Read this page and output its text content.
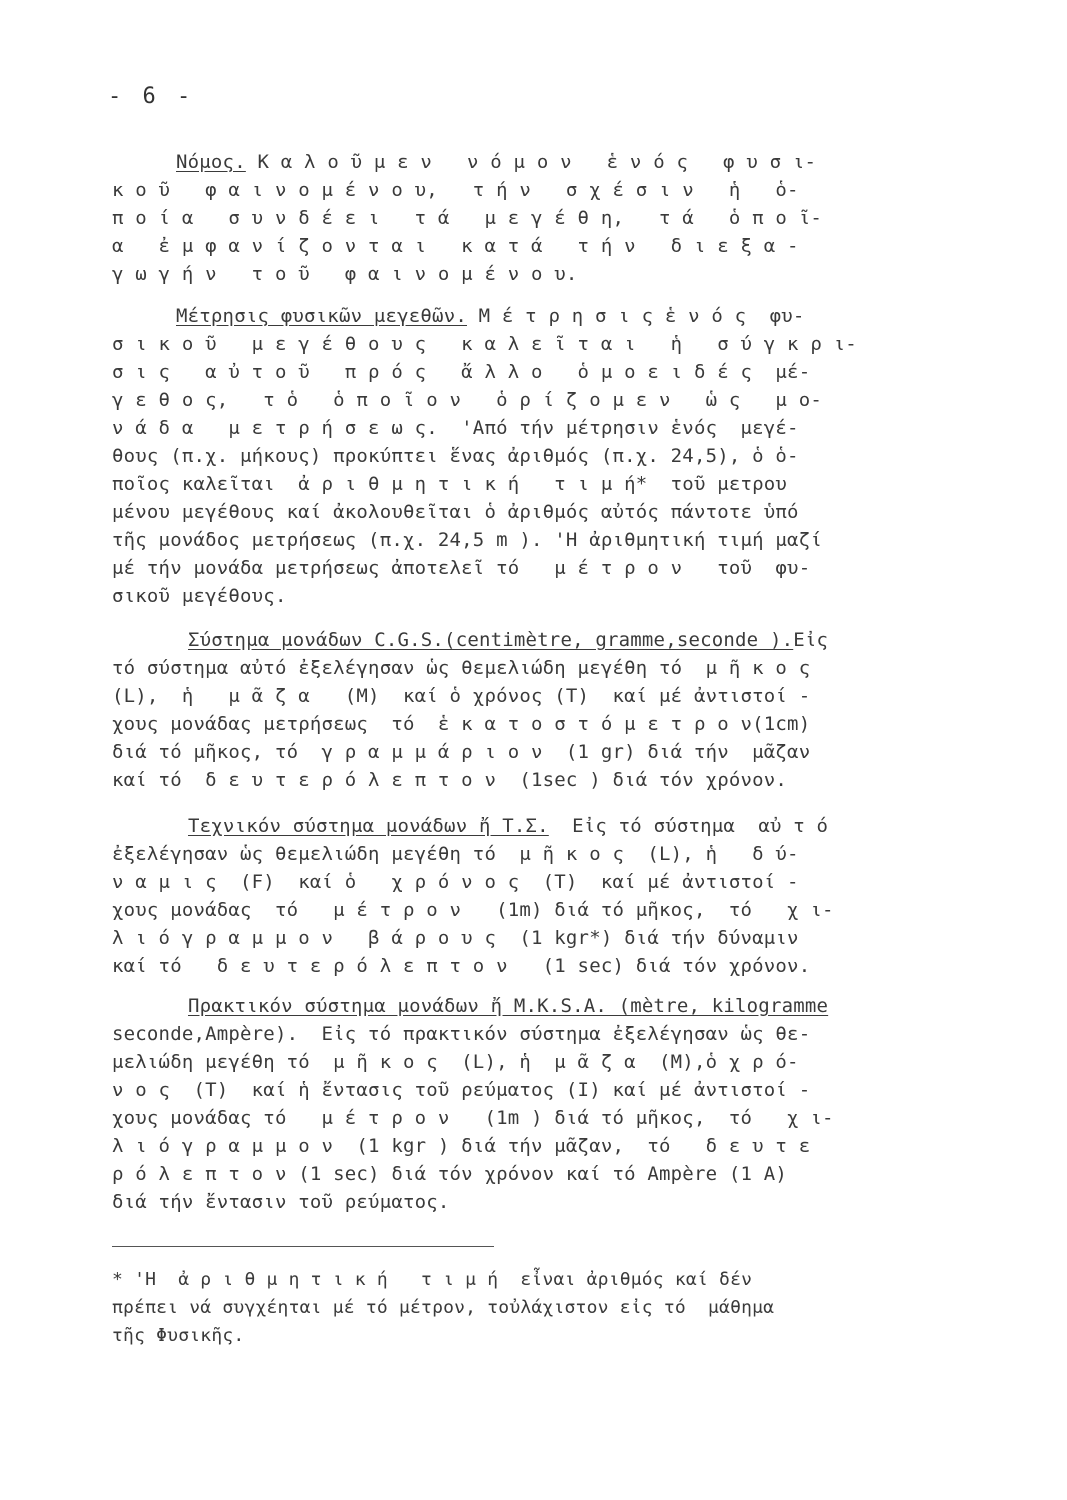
- 6 -
Νόμος. Κ α λ ο ῦ μ ε ν   ν ό μ ο ν   ἑ ν ό ς   φ υ σ ι-
κ ο ῦ   φ α ι ν ο μ έ ν ο υ,   τ ή ν   σ χ έ σ ι ν   ἡ   ὁ-
π ο ί α   σ υ ν δ έ ε ι   τ ά   μ ε γ έ θ η,   τ ά   ὁ π ο ῖ-
α   ἐ μ φ α ν ί ζ ο ν τ α ι   κ α τ ά   τ ή ν   δ ι ε ξ α -
γ ω γ ή ν   τ ο ῦ   φ α ι ν ο μ έ ν ο υ.
Μέτρησις φυσικῶν μεγεθῶν. Μ έ τ ρ η σ ι ς ἑ ν ό ς  φυ-
σ ι κ ο ῦ   μ ε γ έ θ ο υ ς   κ α λ ε ῖ τ α ι   ἡ   σ ύ γ κ ρ ι-
σ ι ς   α ὐ τ ο ῦ   π ρ ό ς   ἄ λ λ ο   ὁ μ ο ε ι δ έ ς  μέ-
γ ε θ ο ς,   τ ὁ   ὁ π ο ῖ ο ν   ὁ ρ ί ζ ο μ ε ν   ὡ ς   μ ο-
ν ά δ α   μ ε τ ρ ή σ ε ω ς.  'Από τήν μέτρησιν ἑνός  μεγέ-
θους (π.χ. μήκους) προκύπτει ἕνας ἀριθμός (π.χ. 24,5), ὁ ὁ-
ποῖος καλεῖται  ἀ ρ ι θ μ η τ ι κ ή   τ ι μ ή*  τοῦ μετρου
μένου μεγέθους καί ἀκολουθεῖται ὁ ἀριθμός αὐτός πάντοτε ὑπό
τῆς μονάδος μετρήσεως (π.χ. 24,5 m ). 'Η ἀριθμητική τιμή μαζί
μέ τήν μονάδα μετρήσεως ἀποτελεῖ τό   μ έ τ ρ ο ν   τοῦ  φυ-
σικοῦ μεγέθους.
Σύστημα μονάδων C.G.S.(centimètre, gramme,seconde ).Εἰς
τό σύστημα αὐτό ἐξελέγησαν ὡς θεμελιώδη μεγέθη τό  μ ῆ κ ο ς
(L),  ἡ   μ ᾶ ζ α   (M)  καί ὁ χρόνος (T)  καί μέ ἀντιστοί -
χους μονάδας μετρήσεως  τό  ἑ κ α τ ο σ τ ό μ ε τ ρ ο ν(1cm)
διά τό μῆκος, τό  γ ρ α μ μ ά ρ ι ο ν  (1 gr) διά τήν  μᾶζαν
καί τό  δ ε υ τ ε ρ ό λ ε π τ ο ν  (1sec ) διά τόν χρόνον.
Τεχνικόν σύστημα μονάδων ἤ Τ.Σ.  Εἰς τό σύστημα  αὐ τ ό
ἐξελέγησαν ὡς θεμελιώδη μεγέθη τό  μ ῆ κ ο ς  (L), ἡ   δ ύ-
ν α μ ι ς  (F)  καί ὁ   χ ρ ό ν ο ς  (T)  καί μέ ἀντιστοί -
χους μονάδας  τό   μ έ τ ρ ο ν   (1m) διά τό μῆκος,  τό   χ ι-
λ ι ό γ ρ α μ μ ο ν   β ά ρ ο υ ς  (1 kgr*) διά τήν δύναμιν
καί τό   δ ε υ τ ε ρ ό λ ε π τ ο ν   (1 sec) διά τόν χρόνον.
Πρακτικόν σύστημα μονάδων ἤ M.K.S.A. (mètre, kilogramme
seconde,Ampère).  Εἰς τό πρακτικόν σύστημα ἐξελέγησαν ὡς θε-
μελιώδη μεγέθη τό  μ ῆ κ ο ς  (L), ἡ  μ ᾶ ζ α  (M),ὁ χ ρ ό-
ν ο ς  (T)  καί ἡ ἔντασις τοῦ ρεύματος (I) καί μέ ἀντιστοί -
χους μονάδας τό   μ έ τ ρ ο ν   (1m ) διά τό μῆκος,  τό   χ ι-
λ ι ό γ ρ α μ μ ο ν  (1 kgr ) διά τήν μᾶζαν,  τό   δ ε υ τ ε
ρ ό λ ε π τ ο ν (1 sec) διά τόν χρόνον καί τό Ampère (1 A)
διά τήν ἔντασιν τοῦ ρεύματος.
* 'Η  ἀ ρ ι θ μ η τ ι κ ή   τ ι μ ή  εἶναι ἀριθμός καί δέν
πρέπει νά συγχέηται μέ τό μέτρον, τοὐλάχιστον εἰς τό  μάθημα
τῆς Φυσικῆς.
